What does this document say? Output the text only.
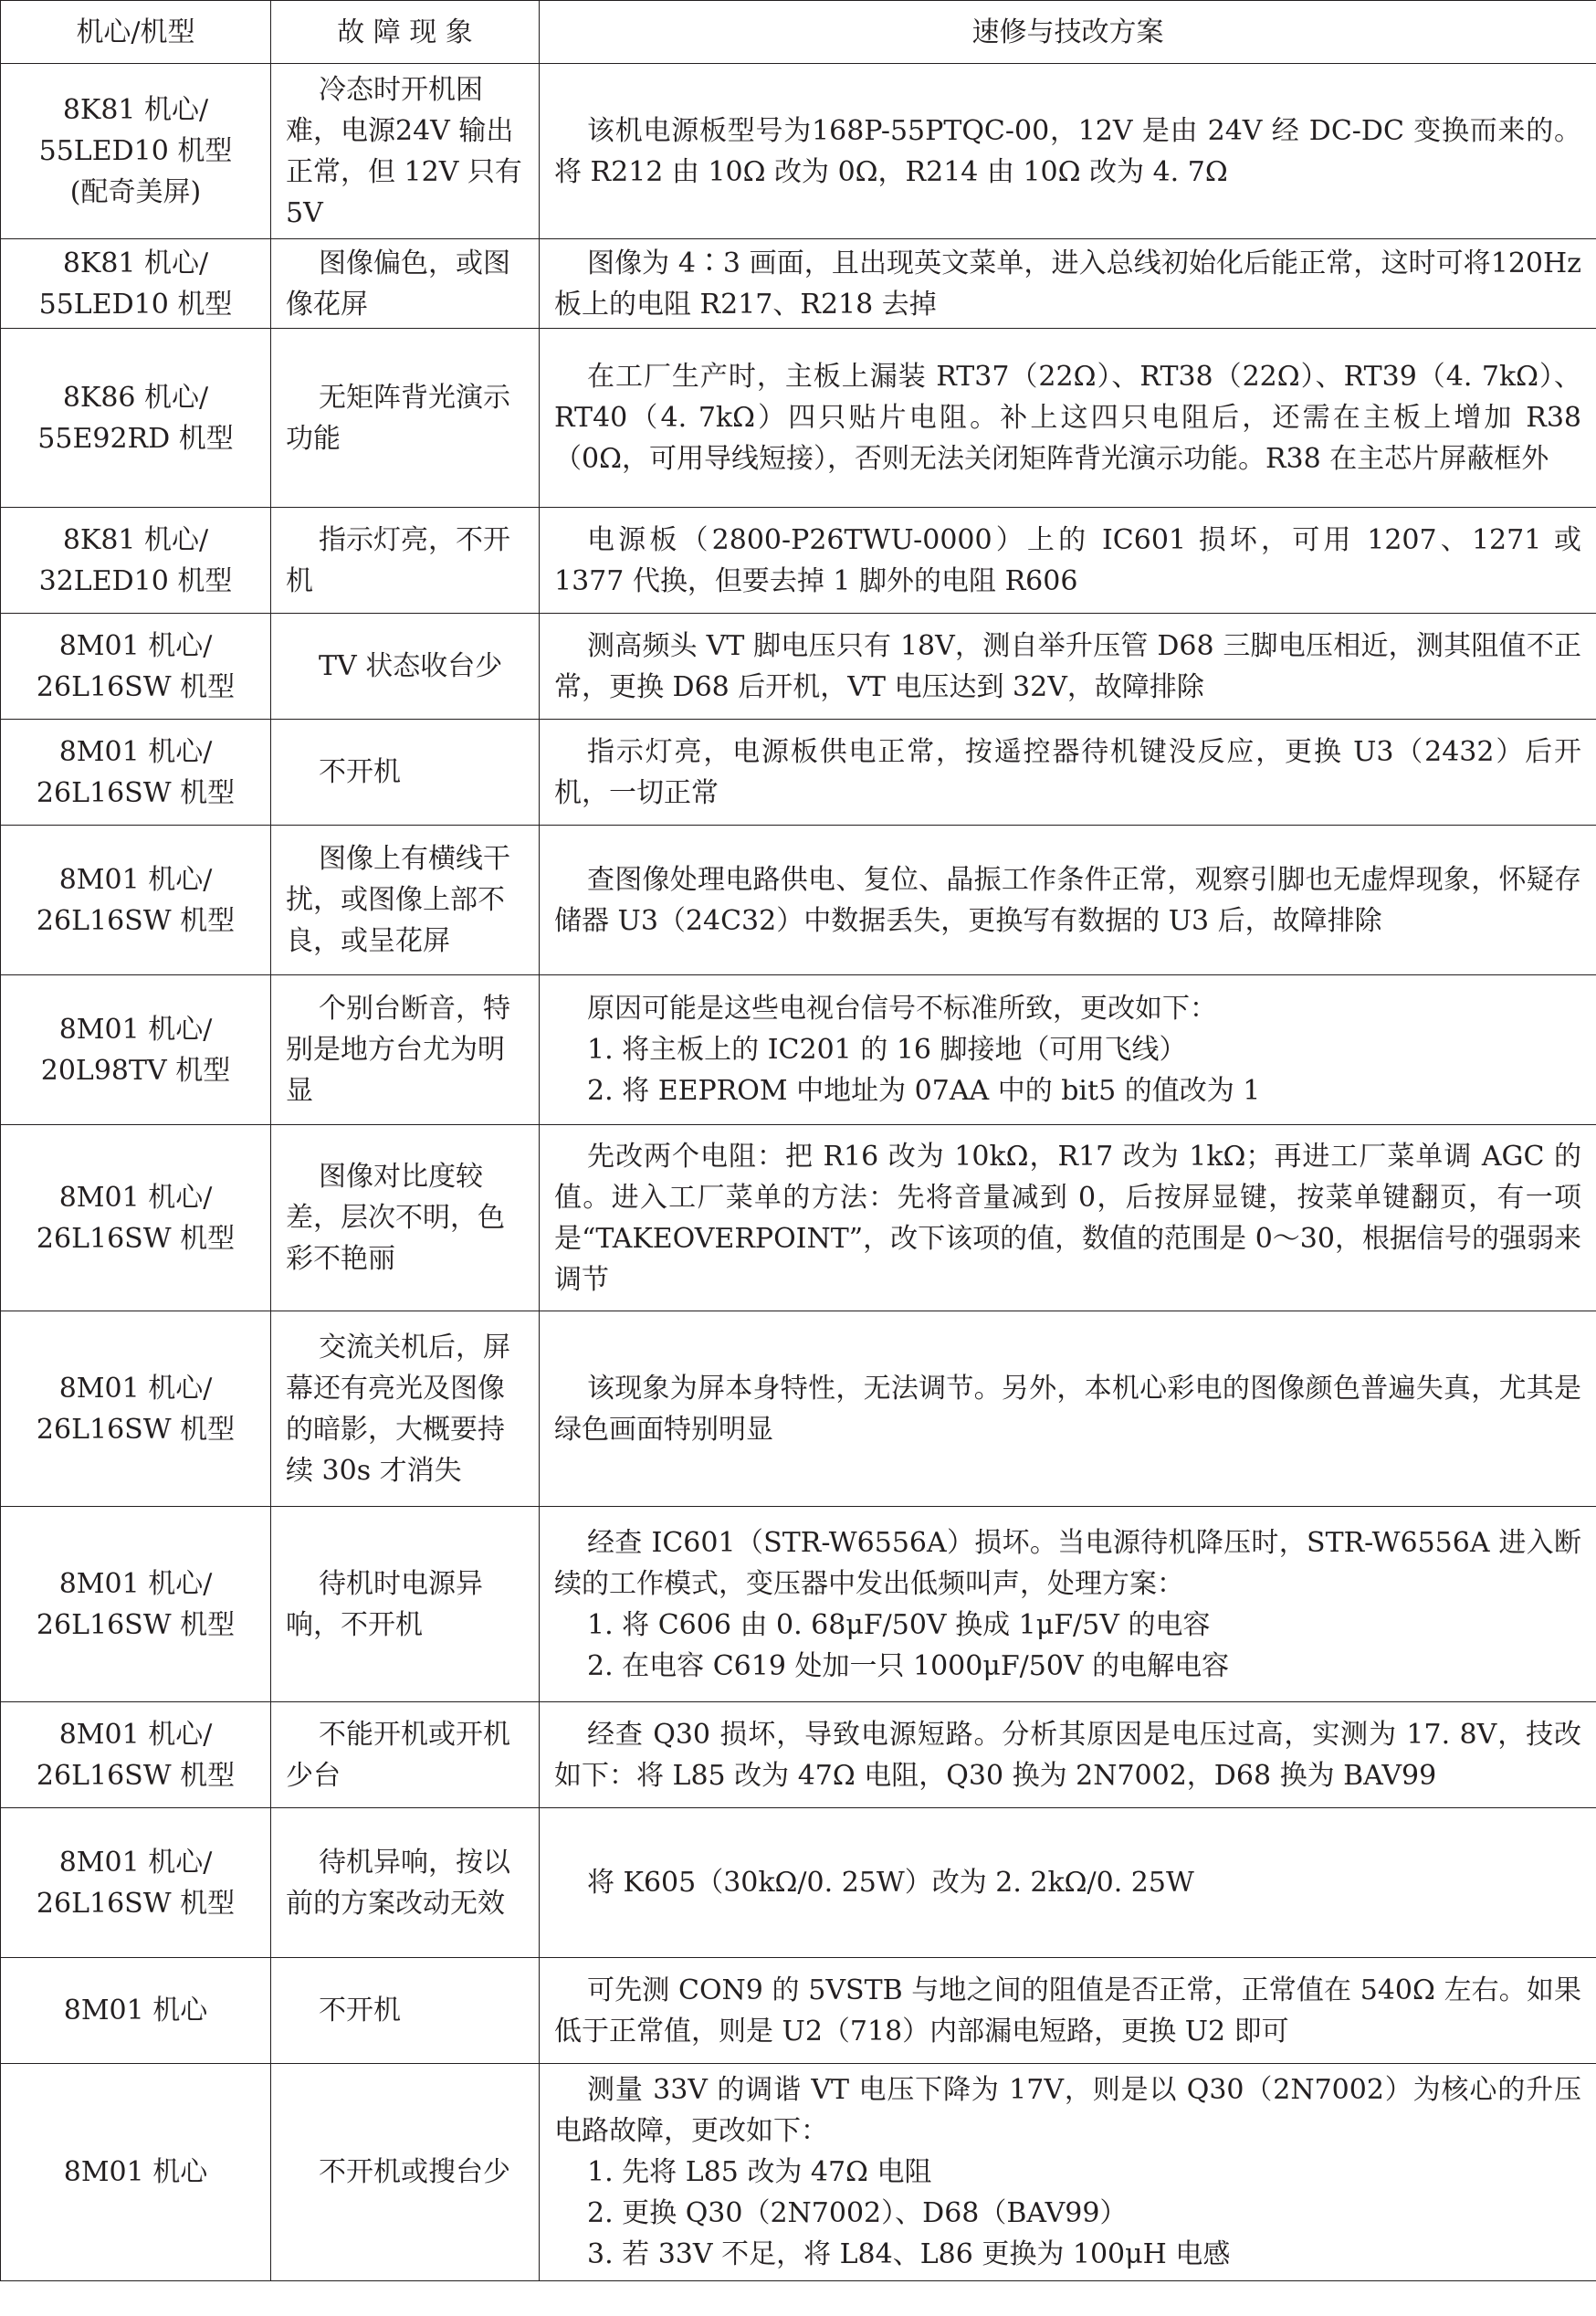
机心/机型	故 障 现 象	速修与技改方案

8K81 机心/
55LED10 机型
(配奇美屏)	冷态时开机困难，电源24V 输出正常，但 12V 只有5V	该机电源板型号为168P-55PTQC-00，12V 是由 24V 经 DC-DC 变换而来的。将 R212 由 10Ω 改为 0Ω，R214 由 10Ω 改为 4. 7Ω

8K81 机心/
55LED10 机型	图像偏色，或图像花屏	图像为 4∶3 画面，且出现英文菜单，进入总线初始化后能正常，这时可将120Hz 板上的电阻 R217、R218 去掉

8K86 机心/
55E92RD 机型	无矩阵背光演示功能	在工厂生产时，主板上漏装 RT37（22Ω）、RT38（22Ω）、RT39（4. 7kΩ）、RT40（4. 7kΩ）四只贴片电阻。补上这四只电阻后，还需在主板上增加 R38（0Ω，可用导线短接），否则无法关闭矩阵背光演示功能。R38 在主芯片屏蔽框外

8K81 机心/
32LED10 机型	指示灯亮，不开机	电源板（2800-P26TWU-0000）上的 IC601 损坏，可用 1207、1271 或 1377 代换，但要去掉 1 脚外的电阻 R606

8M01 机心/
26L16SW 机型	TV 状态收台少	测高频头 VT 脚电压只有 18V，测自举升压管 D68 三脚电压相近，测其阻值不正常，更换 D68 后开机，VT 电压达到 32V，故障排除

8M01 机心/
26L16SW 机型	不开机	指示灯亮，电源板供电正常，按遥控器待机键没反应，更换 U3（2432）后开机，一切正常

8M01 机心/
26L16SW 机型	图像上有横线干扰，或图像上部不良，或呈花屏	查图像处理电路供电、复位、晶振工作条件正常，观察引脚也无虚焊现象，怀疑存储器 U3（24C32）中数据丢失，更换写有数据的 U3 后，故障排除

8M01 机心/
20L98TV 机型	个别台断音，特别是地方台尤为明显	原因可能是这些电视台信号不标准所致，更改如下：
1. 将主板上的 IC201 的 16 脚接地（可用飞线）
2. 将 EEPROM 中地址为 07AA 中的 bit5 的值改为 1

8M01 机心/
26L16SW 机型	图像对比度较差，层次不明，色彩不艳丽	先改两个电阻：把 R16 改为 10kΩ，R17 改为 1kΩ；再进工厂菜单调 AGC 的值。进入工厂菜单的方法：先将音量减到 0，后按屏显键，按菜单键翻页，有一项是“TAKEOVERPOINT”，改下该项的值，数值的范围是 0～30，根据信号的强弱来调节

8M01 机心/
26L16SW 机型	交流关机后，屏幕还有亮光及图像的暗影，大概要持续 30s 才消失	该现象为屏本身特性，无法调节。另外，本机心彩电的图像颜色普遍失真，尤其是绿色画面特别明显

8M01 机心/
26L16SW 机型	待机时电源异响，不开机	经查 IC601（STR-W6556A）损坏。当电源待机降压时，STR-W6556A 进入断续的工作模式，变压器中发出低频叫声，处理方案：
1. 将 C606 由 0. 68μF/50V 换成 1μF/5V 的电容
2. 在电容 C619 处加一只 1000μF/50V 的电解电容

8M01 机心/
26L16SW 机型	不能开机或开机少台	经查 Q30 损坏，导致电源短路。分析其原因是电压过高，实测为 17. 8V，技改如下：将 L85 改为 47Ω 电阻，Q30 换为 2N7002，D68 换为 BAV99

8M01 机心/
26L16SW 机型	待机异响，按以前的方案改动无效	将 K605（30kΩ/0. 25W）改为 2. 2kΩ/0. 25W

8M01 机心	不开机	可先测 CON9 的 5VSTB 与地之间的阻值是否正常，正常值在 540Ω 左右。如果低于正常值，则是 U2（718）内部漏电短路，更换 U2 即可

8M01 机心	不开机或搜台少	测量 33V 的调谐 VT 电压下降为 17V，则是以 Q30（2N7002）为核心的升压电路故障，更改如下：
1. 先将 L85 改为 47Ω 电阻
2. 更换 Q30（2N7002）、D68（BAV99）
3. 若 33V 不足，将 L84、L86 更换为 100μH 电感
